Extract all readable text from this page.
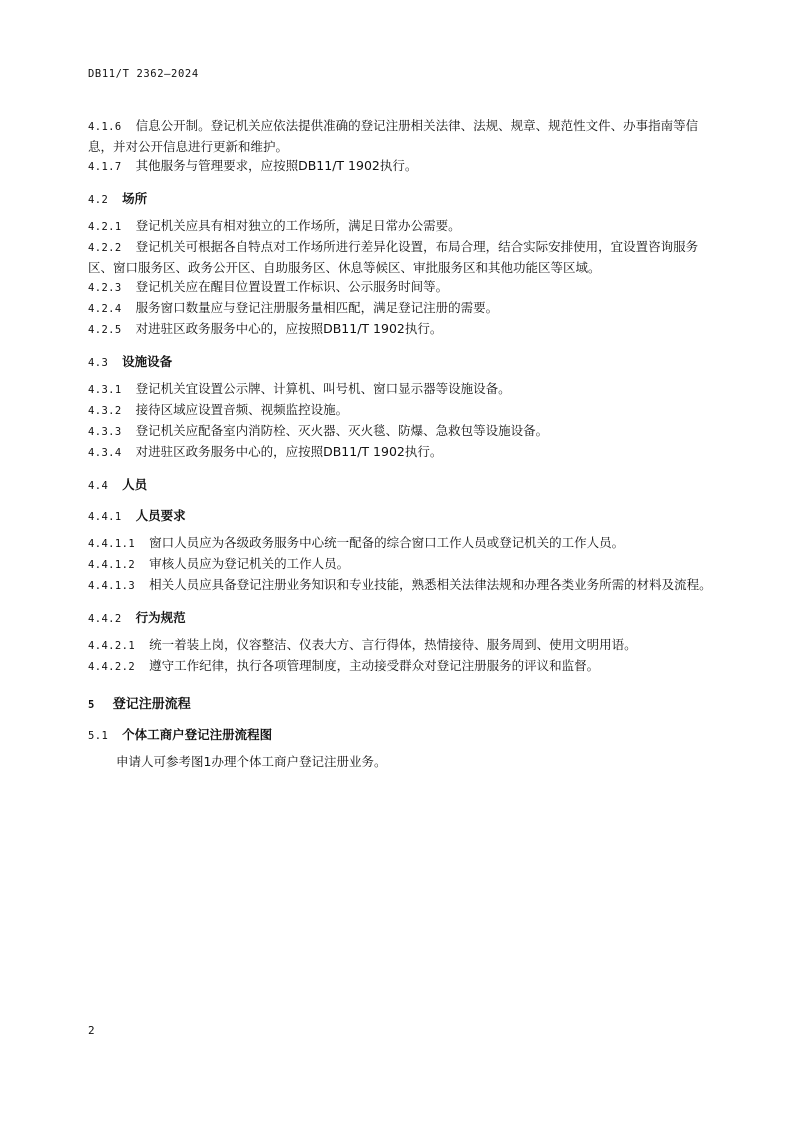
DB11/T 2362—2024

4.1.6 信息公开制。登记机关应依法提供准确的登记注册相关法律、法规、规章、规范性文件、办事指南等信息，并对公开信息进行更新和维护。

4.1.7 其他服务与管理要求，应按照DB11/T 1902执行。

4.2 场所

4.2.1 登记机关应具有相对独立的工作场所，满足日常办公需要。

4.2.2 登记机关可根据各自特点对工作场所进行差异化设置，布局合理，结合实际安排使用，宜设置咨询服务区、窗口服务区、政务公开区、自助服务区、休息等候区、审批服务区和其他功能区等区域。

4.2.3 登记机关应在醒目位置设置工作标识、公示服务时间等。

4.2.4 服务窗口数量应与登记注册服务量相匹配，满足登记注册的需要。

4.2.5 对进驻区政务服务中心的，应按照DB11/T 1902执行。

4.3 设施设备

4.3.1 登记机关宜设置公示牌、计算机、叫号机、窗口显示器等设施设备。

4.3.2 接待区域应设置音频、视频监控设施。

4.3.3 登记机关应配备室内消防栓、灭火器、灭火毯、防爆、急救包等设施设备。

4.3.4 对进驻区政务服务中心的，应按照DB11/T 1902执行。

4.4 人员
4.4.1 人员要求

4.4.1.1 窗口人员应为各级政务服务中心统一配备的综合窗口工作人员或登记机关的工作人员。

4.4.1.2 审核人员应为登记机关的工作人员。

4.4.1.3 相关人员应具备登记注册业务知识和专业技能，熟悉相关法律法规和办理各类业务所需的材料及流程。

4.4.2 行为规范

4.4.2.1 统一着装上岗，仪容整洁、仪表大方、言行得体，热情接待、服务周到、使用文明用语。

4.4.2.2 遵守工作纪律，执行各项管理制度，主动接受群众对登记注册服务的评议和监督。

5 登记注册流程
5.1 个体工商户登记注册流程图

申请人可参考图1办理个体工商户登记注册业务。

2
